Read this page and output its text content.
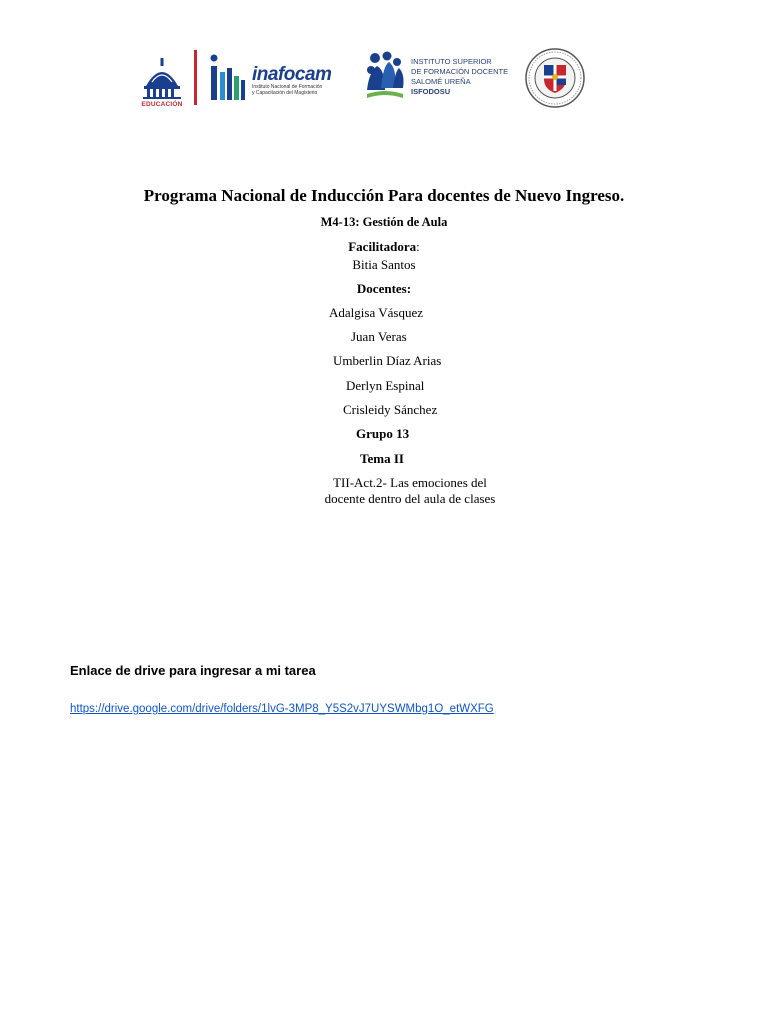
EDUCACIÓN
inafocam
Instituto Nacional de Formación
y Capacitación del Magisterio
INSTITUTO SUPERIOR
DE FORMACIÓN DOCENTE
SALOMÉ UREÑA
ISFODOSU
Programa Nacional de Inducción Para docentes de Nuevo Ingreso.
M4-13: Gestión de Aula
Facilitadora:
Bitia Santos
Docentes:
Adalgisa Vásquez
Juan Veras
Umberlin Díaz Arias
Derlyn Espinal
Crisleidy Sánchez
Grupo 13
Tema II
TII-Act.2- Las emociones del
docente dentro del aula de clases
Enlace de drive para ingresar a mi tarea
https://drive.google.com/drive/folders/1lvG-3MP8_Y5S2vJ7UYSWMbg1O_etWXFG
